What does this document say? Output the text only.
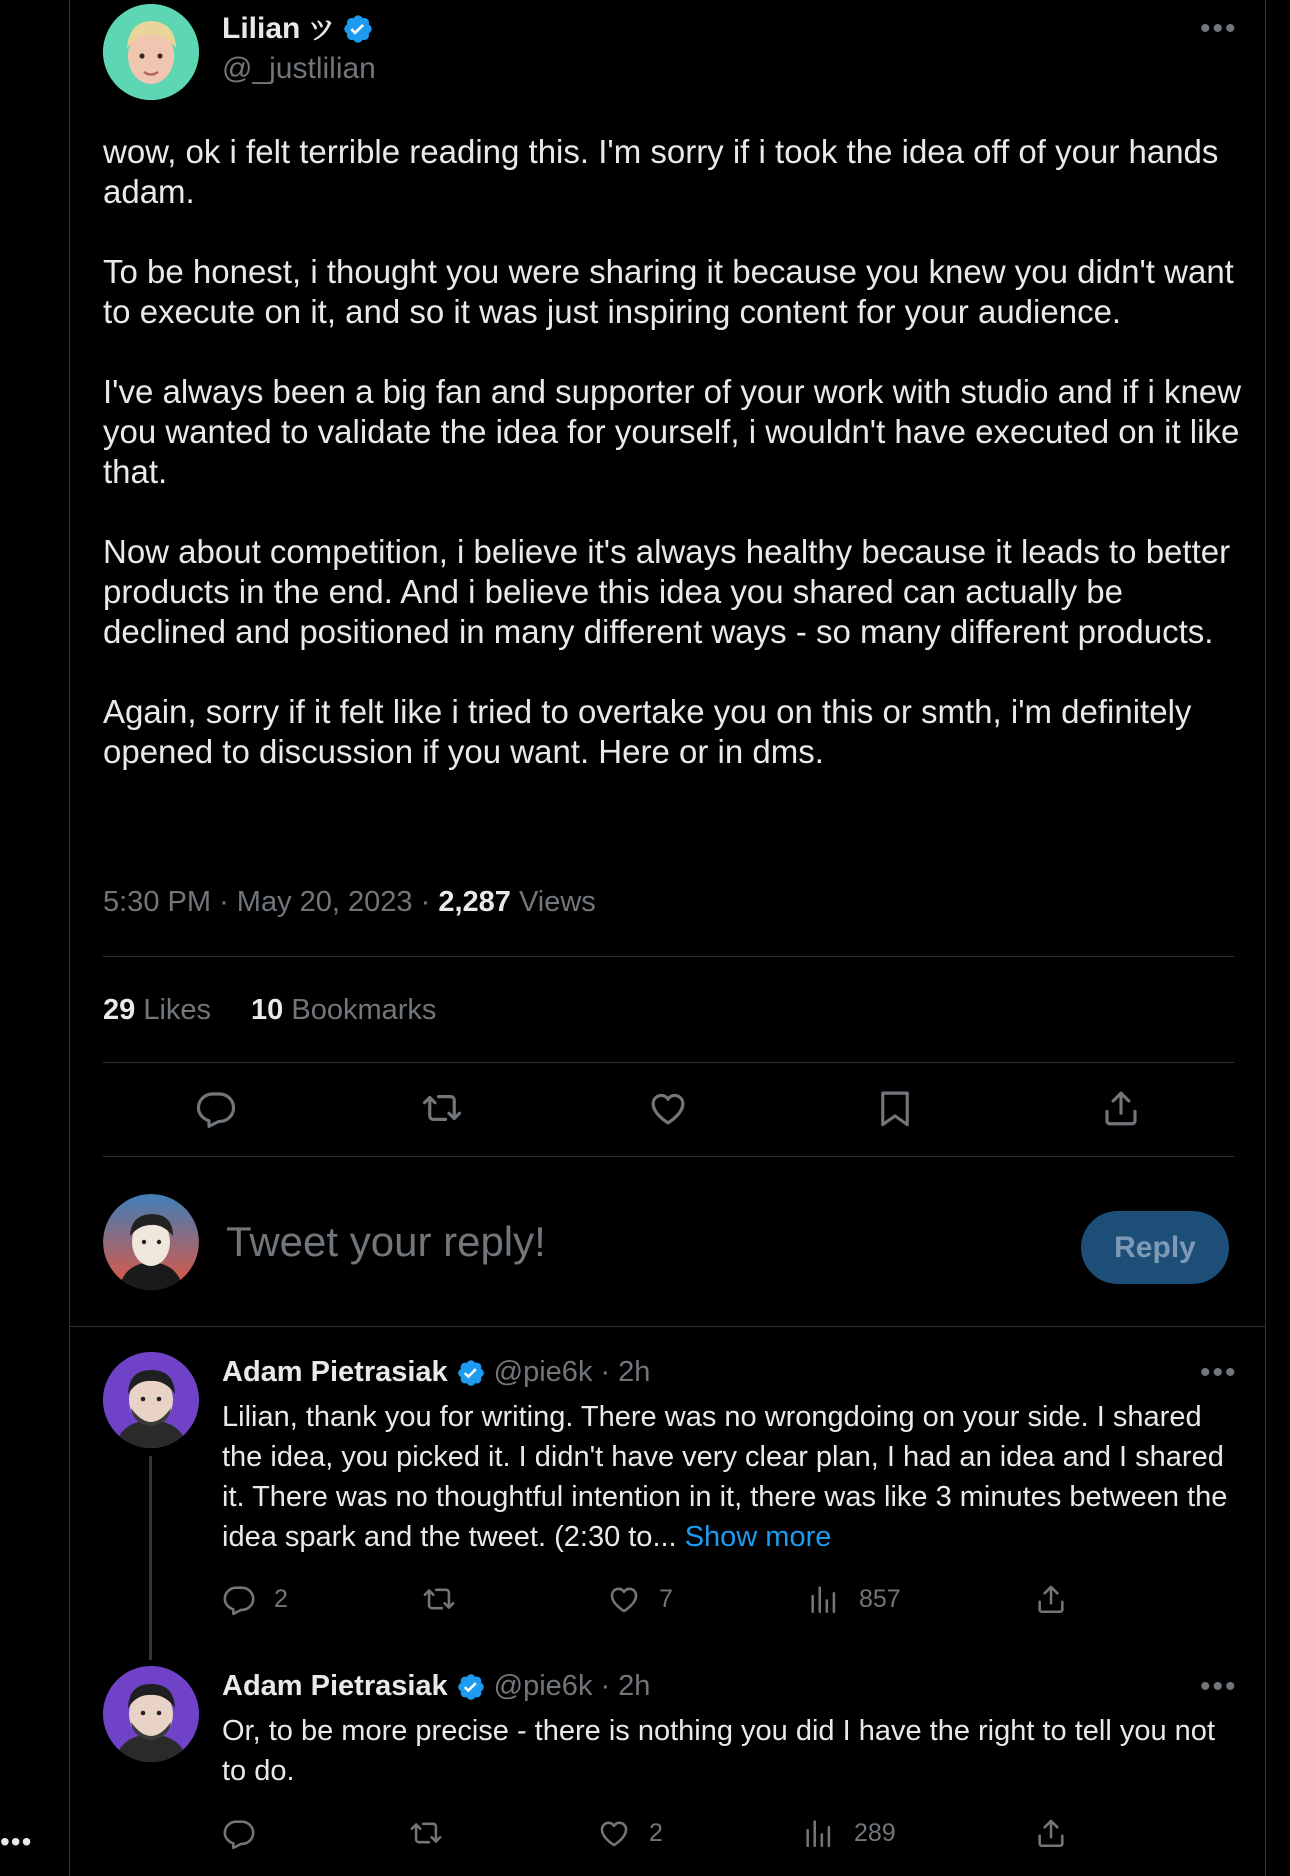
•••
Lilian ツ
@_justlilian
•••

wow, ok i felt terrible reading this. I'm sorry if i took the idea off of your hands adam.

To be honest, i thought you were sharing it because you knew you didn't want to execute on it, and so it was just inspiring content for your audience.

I've always been a big fan and supporter of your work with studio and if i knew you wanted to validate the idea for yourself, i wouldn't have executed on it like that.

Now about competition, i believe it's always healthy because it leads to better products in the end. And i believe this idea you shared can actually be declined and positioned in many different ways - so many different products.

Again, sorry if it felt like i tried to overtake you on this or smth, i'm definitely opened to discussion if you want. Here or in dms.

5:30 PM · May 20, 2023 · 2,287 Views
29 Likes 10 Bookmarks
Tweet your reply!
Reply
Adam Pietrasiak @pie6k · 2h	•••
Lilian, thank you for writing. There was no wrongdoing on your side. I shared the idea, you picked it. I didn't have very clear plan, I had an idea and I shared it. There was no thoughtful intention in it, there was like 3 minutes between the idea spark and the tweet. (2:30 to... Show more
2	7	857
Adam Pietrasiak @pie6k · 2h	•••
Or, to be more precise - there is nothing you did I have the right to tell you not to do.
2	289
